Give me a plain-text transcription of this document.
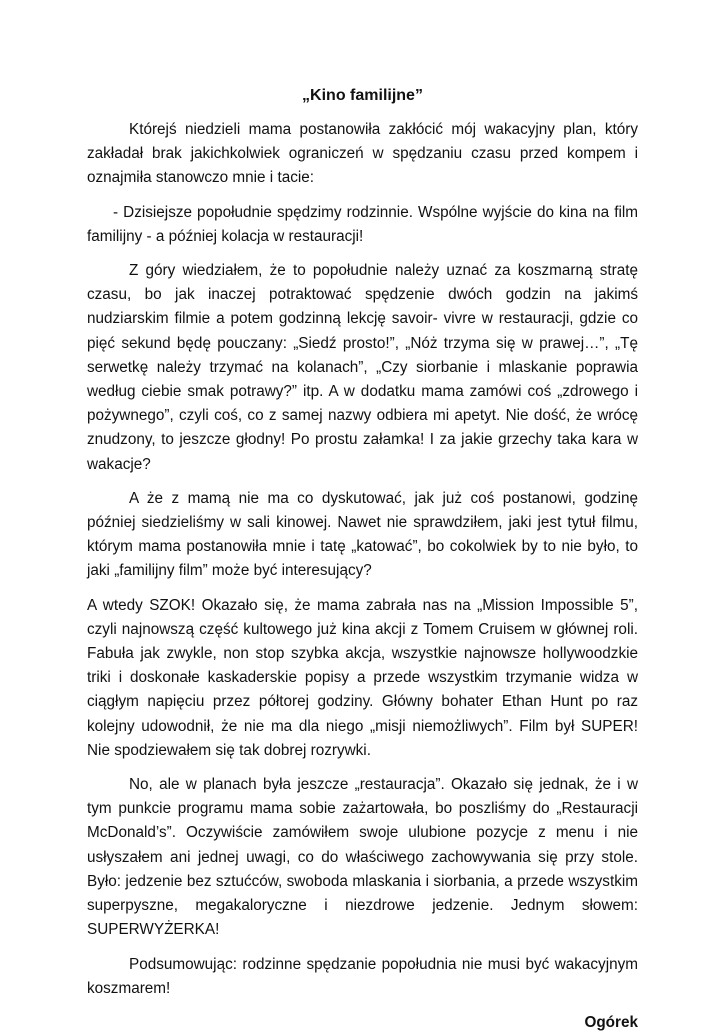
„Kino familijne”

Którejś niedzieli mama postanowiła zakłócić mój wakacyjny plan, który zakładał brak jakichkolwiek ograniczeń w spędzaniu czasu przed kompem i oznajmiła stanowczo mnie i tacie:

- Dzisiejsze popołudnie spędzimy rodzinnie. Wspólne wyjście do kina na film familijny - a później kolacja w restauracji!

Z góry wiedziałem, że to popołudnie należy uznać za koszmarną stratę czasu, bo jak inaczej potraktować spędzenie dwóch godzin na jakimś nudziarskim filmie a potem godzinną lekcję savoir- vivre w restauracji, gdzie co pięć sekund będę pouczany: „Siedź prosto!”, „Nóż trzyma się w prawej…”, „Tę serwetkę należy trzymać na kolanach”, „Czy siorbanie i mlaskanie poprawia według ciebie smak potrawy?” itp. A w dodatku mama zamówi coś „zdrowego i pożywnego”, czyli coś, co z samej nazwy odbiera mi apetyt. Nie dość, że wrócę znudzony, to jeszcze głodny! Po prostu załamka! I za jakie grzechy taka kara w wakacje?

A że z mamą nie ma co dyskutować, jak już coś postanowi, godzinę później siedzieliśmy w sali kinowej. Nawet nie sprawdziłem, jaki jest tytuł filmu, którym mama postanowiła mnie i tatę „katować”, bo cokolwiek by to nie było, to jaki „familijny film” może być interesujący?

A wtedy SZOK! Okazało się, że mama zabrała nas na „Mission Impossible 5”, czyli najnowszą część kultowego już kina akcji z Tomem Cruisem w głównej roli. Fabuła jak zwykle, non stop szybka akcja, wszystkie najnowsze hollywoodzkie triki i doskonałe kaskaderskie popisy a przede wszystkim trzymanie widza w ciągłym napięciu przez półtorej godziny. Główny bohater Ethan Hunt po raz kolejny udowodnił, że nie ma dla niego „misji niemożliwych”. Film był SUPER! Nie spodziewałem się tak dobrej rozrywki.

No, ale w planach była jeszcze „restauracja”. Okazało się jednak, że i w tym punkcie programu mama sobie zażartowała, bo poszliśmy do „Restauracji McDonald’s”. Oczywiście zamówiłem swoje ulubione pozycje z menu i nie usłyszałem ani jednej uwagi, co do właściwego zachowywania się przy stole. Było: jedzenie bez sztućców, swoboda mlaskania i siorbania, a przede wszystkim superpyszne, megakaloryczne i niezdrowe jedzenie. Jednym słowem: SUPERWYŻERKA!

Podsumowując: rodzinne spędzanie popołudnia nie musi być wakacyjnym koszmarem!

Ogórek
